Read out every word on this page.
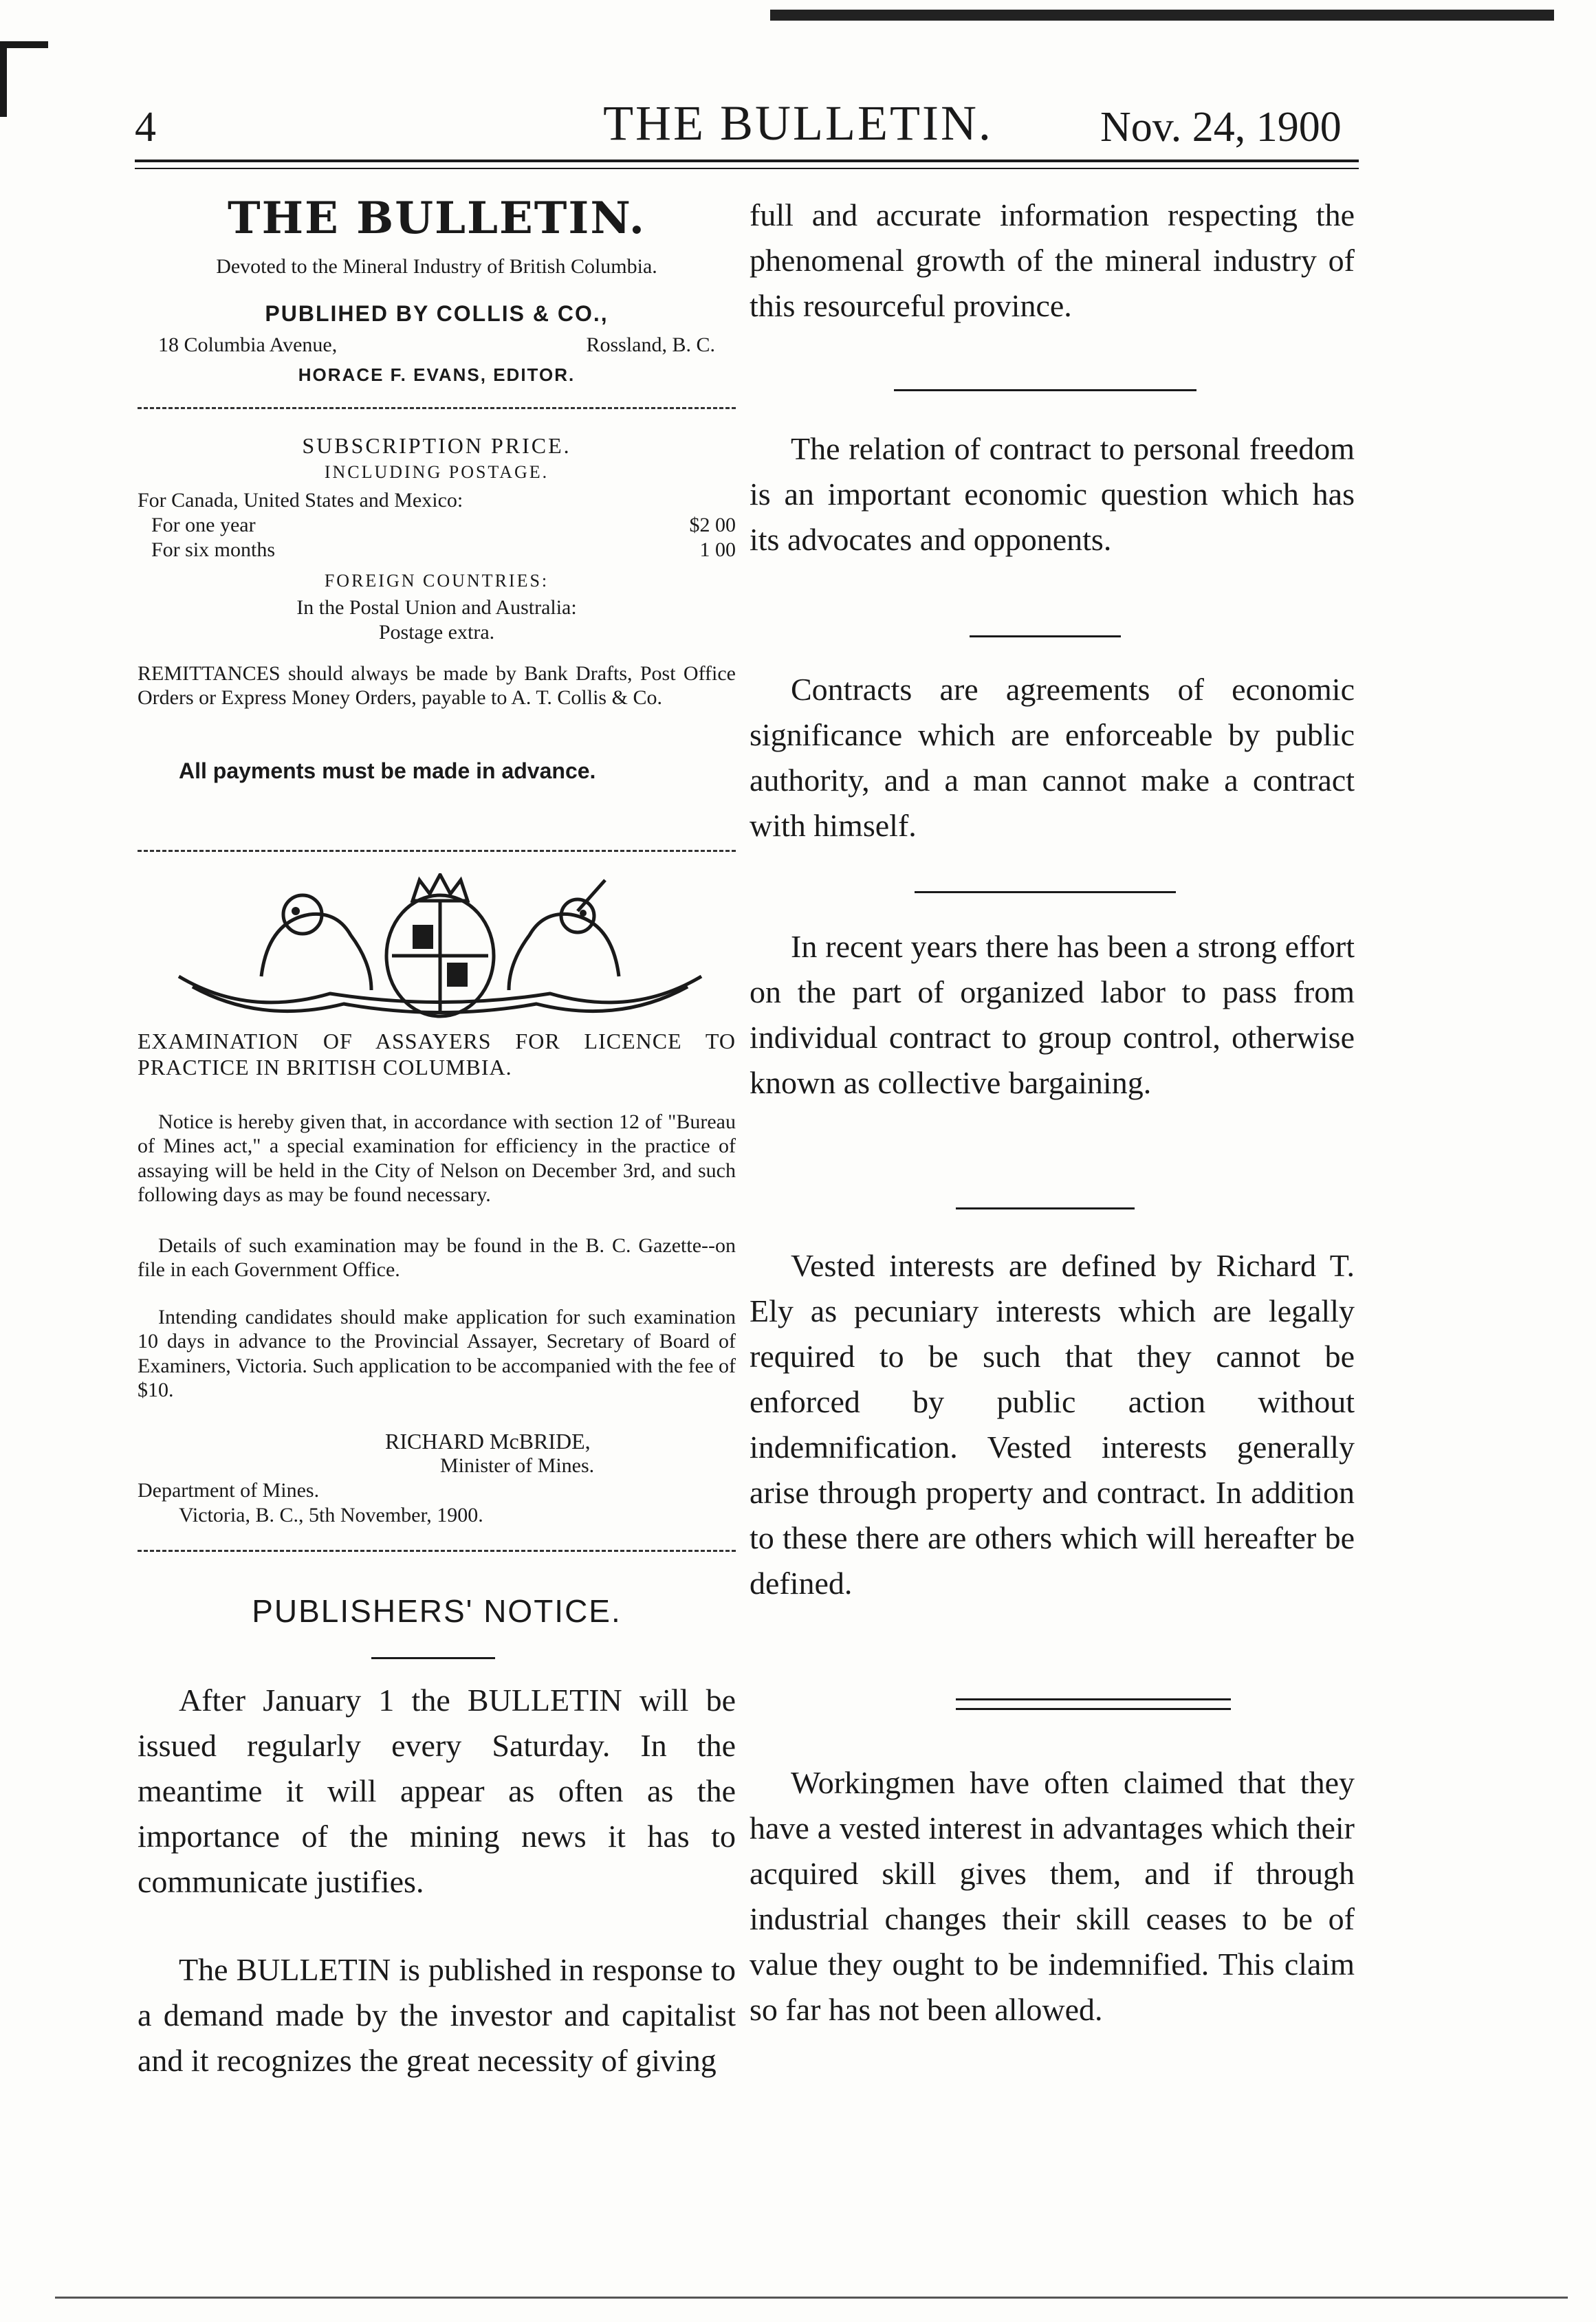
4	THE BULLETIN.	Nov. 24, 1900
THE BULLETIN.
Devoted to the Mineral Industry of British Columbia.
PUBLIHED BY COLLIS & CO.,
18 Columbia Avenue,	Rossland, B. C.
HORACE F. EVANS, EDITOR.
SUBSCRIPTION PRICE.
INCLUDING POSTAGE.
For Canada, United States and Mexico:
For one year	$2 00
For six months	1 00
FOREIGN COUNTRIES:
In the Postal Union and Australia:
Postage extra.
REMITTANCES should always be made by Bank Drafts, Post Office Orders or Express Money Orders, payable to A. T. Collis & Co.
All payments must be made in advance.
EXAMINATION OF ASSAYERS FOR LICENCE TO PRACTICE IN BRITISH COLUMBIA.
Notice is hereby given that, in accordance with section 12 of "Bureau of Mines act," a special examination for efficiency in the practice of assaying will be held in the City of Nelson on December 3rd, and such following days as may be found necessary.
Details of such examination may be found in the B. C. Gazette--on file in each Government Office.
Intending candidates should make application for such examination 10 days in advance to the Provincial Assayer, Secretary of Board of Examiners, Victoria. Such application to be accompanied with the fee of $10.
RICHARD McBRIDE,
Minister of Mines.
Department of Mines.
Victoria, B. C., 5th November, 1900.
PUBLISHERS' NOTICE.
After January 1 the BULLETIN will be issued regularly every Saturday. In the meantime it will appear as often as the importance of the mining news it has to communicate justifies.
The BULLETIN is published in response to a demand made by the investor and capitalist and it recognizes the great necessity of giving
full and accurate information respecting the phenomenal growth of the mineral industry of this resourceful province.
The relation of contract to personal freedom is an important economic question which has its advocates and opponents.
Contracts are agreements of economic significance which are enforceable by public authority, and a man cannot make a contract with himself.
In recent years there has been a strong effort on the part of organized labor to pass from individual contract to group control, otherwise known as collective bargaining.
Vested interests are defined by Richard T. Ely as pecuniary interests which are legally required to be such that they cannot be enforced by public action without indemnification. Vested interests generally arise through property and contract. In addition to these there are others which will hereafter be defined.
Workingmen have often claimed that they have a vested interest in advantages which their acquired skill gives them, and if through industrial changes their skill ceases to be of value they ought to be indemnified. This claim so far has not been allowed.
